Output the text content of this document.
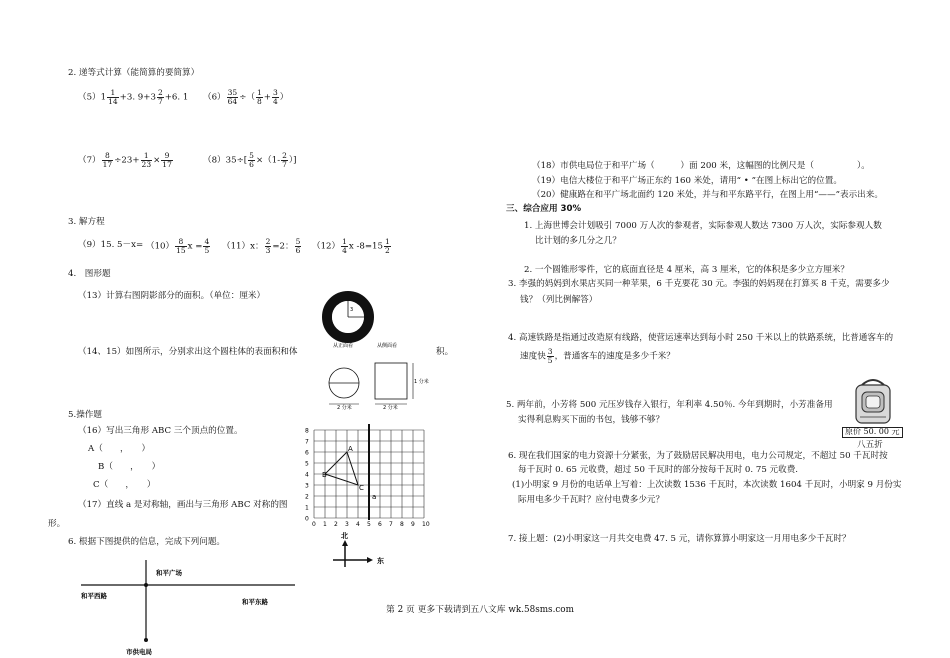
2. 递等式计算（能简算的要简算）
$(5)1 \frac{1}{14} +3$. $9+3 \frac{2}{7} +6$. 1 $(6) \frac{35}{64}$ ÷（ $\frac{1}{8} + \frac{3}{4}$ ）
$(7) \frac{8}{17} \div 23+ \frac{1}{23} \times \frac{9}{17}$	$(8)35\div[ \frac{5}{6} \times(1- \frac{2}{7}$ ）]
3. 解方程
（9）15. $5-x= (10) \frac{8}{15}$ $x = \frac{4}{5} (11)x$： $\frac{2}{3} =2$： $\frac{5}{6} (12) \frac{1}{4}$ x $-8=15 \frac{1}{2}$
4.　图形题
（13）计算右图阴影部分的面积。（单位：厘米）
（14、15）如图所示，分别求出这个圆柱体的表面积和体	积。
3
从正面看	从侧面看
1 分米
2 分米	2 分米
5.操作题
（16）写出三角形 ABC 三个顶点的位置。
A（　　，　　）
B（　　，　　）
C（　　，　　）
（17）直线 a 是对称轴，画出与三角形 ABC 对称的图
形。
8
7
6
5
4
3
2
1
0
0 1 2 3 4 5 6 7 8 9 10
A
B
C
a
北
东
6. 根据下图提供的信息，完成下列问题。
和平广场
和平西路
和平东路
市供电局
（18）市供电局位于和平广场（　　　）面 200 米，这幅图的比例尺是（　　　　　）。
（19）电信大楼位于和平广场正东约 160 米处，请用“ • ”在图上标出它的位置。
（20）健康路在和平广场北面约 120 米处，并与和平东路平行，在图上用“——”表示出来。
三、综合应用 30%
1. 上海世博会计划吸引 7000 万人次的参观者，实际参观人数达 7300 万人次，实际参观人数
比计划的多几分之几？
2. 一个圆锥形零件，它的底面直径是 4 厘米，高 3 厘米，它的体积是多少立方厘米？
3. 李强的妈妈到水果店买同一种苹果，6 千克要花 30 元。李强的妈妈现在打算买 8 千克，需要多少
钱？（列比例解答）
4. 高速铁路是指通过改造原有线路，使营运速率达到每小时 250 千米以上的铁路系统，比普通客车的
速度快 $\frac{3}{5}$ ，普通客车的速度是多少千米？
5. 两年前，小芳将 500 元压岁钱存入银行，年利率 4.50％. 今年到期时，小芳准备用
实得利息购买下面的书包，钱够不够？
原价 50. 00 元
八五折
6. 现在我们国家的电力资源十分紧张，为了鼓励居民解决用电，电力公司规定，不超过 50 千瓦时按
每千瓦时 0. 65 元收费，超过 50 千瓦时的部分按每千瓦时 0. 75 元收费.
(1)小明家 9 月份的电话单上写着：上次读数 1536 千瓦时，本次读数 1604 千瓦时，小明家 9 月份实
际用电多少千瓦时？应付电费多少元？
7. 接上题：(2)小明家这一月共交电费 47. 5 元，请你算算小明家这一月用电多少千瓦时？
第 2 页 更多下载请到五八文库 wk.58sms.com
